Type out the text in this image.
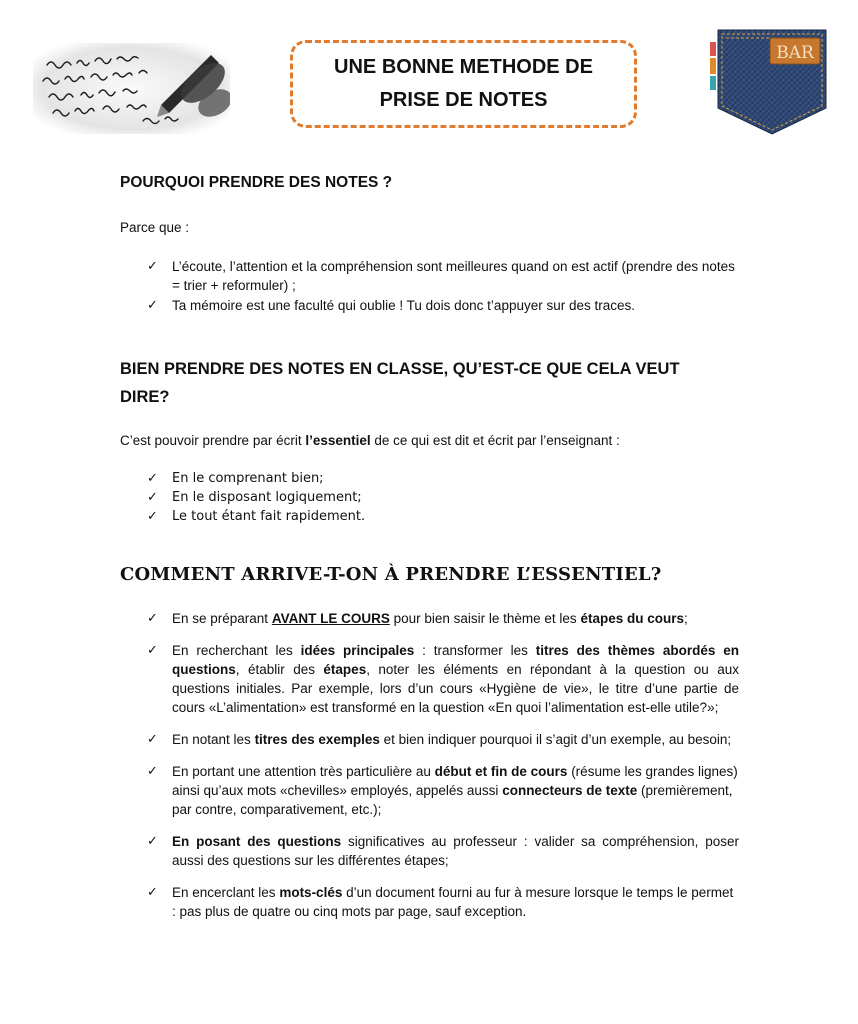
BAR
UNE BONNE METHODE DE
PRISE DE NOTES
POURQUOI PRENDRE DES NOTES ?
Parce que :
✓ L’écoute, l’attention et la compréhension sont meilleures quand on est actif (prendre des notes = trier + reformuler) ;
✓ Ta mémoire est une faculté qui oublie ! Tu dois donc t’appuyer sur des traces.
BIEN PRENDRE DES NOTES EN CLASSE, QU’EST-CE QUE CELA VEUT
DIRE?
C’est pouvoir prendre par écrit l’essentiel de ce qui est dit et écrit par l’enseignant :
✓ En le comprenant bien;
✓ En le disposant logiquement;
✓ Le tout étant fait rapidement.
COMMENT ARRIVE-T-ON À PRENDRE L’ESSENTIEL?
✓ En se préparant AVANT LE COURS pour bien saisir le thème et les étapes du cours;
✓ En recherchant les idées principales : transformer les titres des thèmes abordés en questions, établir des étapes, noter les éléments en répondant à la question ou aux questions initiales. Par exemple, lors d’un cours «Hygiène de vie», le titre d’une partie de cours «L’alimentation» est transformé en la question «En quoi l’alimentation est-elle utile?»;
✓ En notant les titres des exemples et bien indiquer pourquoi il s’agit d’un exemple, au besoin;
✓ En portant une attention très particulière au début et fin de cours (résume les grandes lignes) ainsi qu’aux mots «chevilles» employés, appelés aussi connecteurs de texte (premièrement, par contre, comparativement, etc.);
✓ En posant des questions significatives au professeur : valider sa compréhension, poser aussi des questions sur les différentes étapes;
✓ En encerclant les mots-clés d’un document fourni au fur à mesure lorsque le temps le permet : pas plus de quatre ou cinq mots par page, sauf exception.
